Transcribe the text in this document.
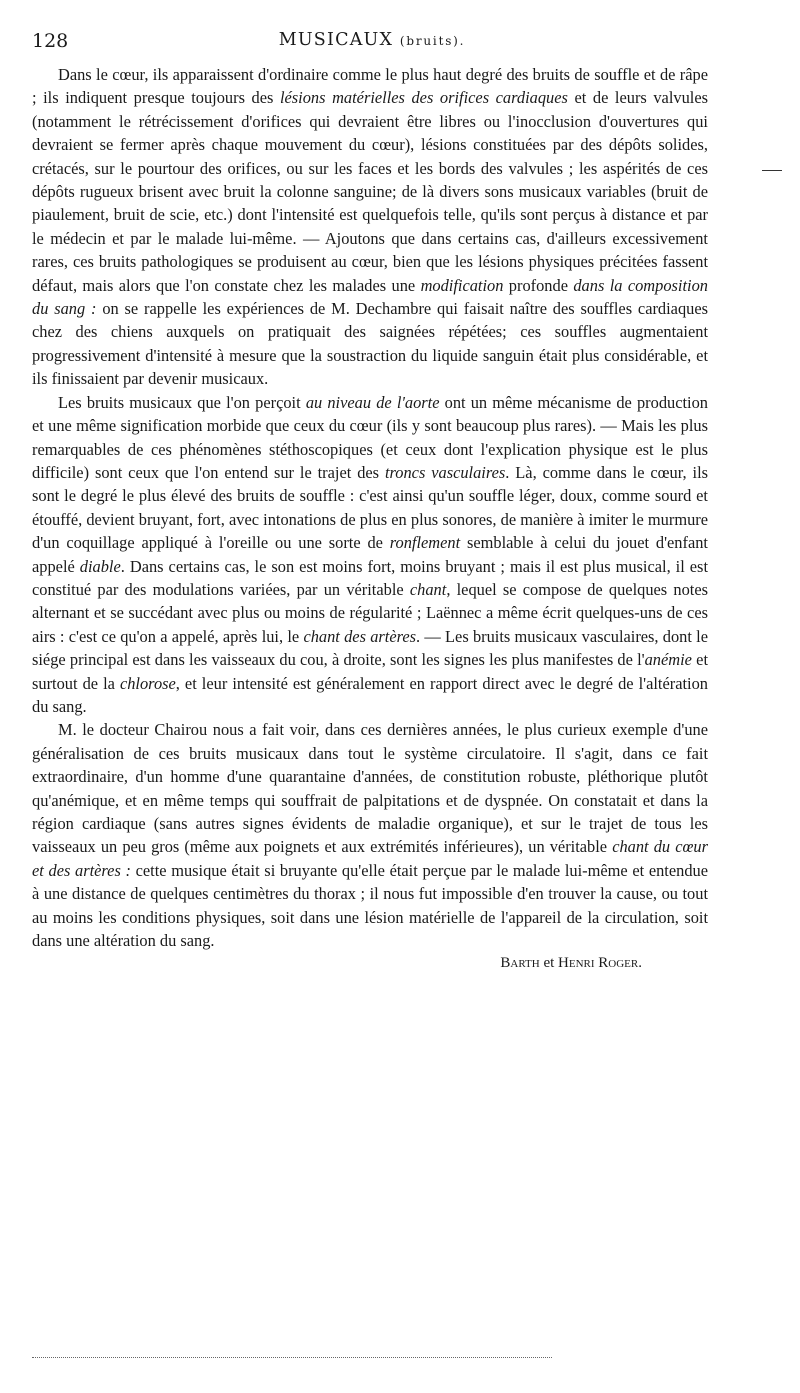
128	MUSICAUX (bruits).

Dans le cœur, ils apparaissent d'ordinaire comme le plus haut degré des bruits de souffle et de râpe ; ils indiquent presque toujours des lésions matérielles des orifices cardiaques et de leurs valvules (notamment le rétrécissement d'orifices qui devraient être libres ou l'inocclusion d'ouvertures qui devraient se fermer après chaque mouvement du cœur), lésions constituées par des dépôts solides, crétacés, sur le pourtour des orifices, ou sur les faces et les bords des valvules ; les aspérités de ces dépôts rugueux brisent avec bruit la colonne sanguine; de là divers sons musicaux variables (bruit de piaulement, bruit de scie, etc.) dont l'intensité est quelquefois telle, qu'ils sont perçus à distance et par le médecin et par le malade lui-même. — Ajoutons que dans certains cas, d'ailleurs excessivement rares, ces bruits pathologiques se produisent au cœur, bien que les lésions physiques précitées fassent défaut, mais alors que l'on constate chez les malades une modification profonde dans la composition du sang : on se rappelle les expériences de M. Dechambre qui faisait naître des souffles cardiaques chez des chiens auxquels on pratiquait des saignées répétées; ces souffles augmentaient progressivement d'intensité à mesure que la soustraction du liquide sanguin était plus considérable, et ils finissaient par devenir musicaux.

Les bruits musicaux que l'on perçoit au niveau de l'aorte ont un même mécanisme de production et une même signification morbide que ceux du cœur (ils y sont beaucoup plus rares). — Mais les plus remarquables de ces phénomènes stéthoscopiques (et ceux dont l'explication physique est le plus difficile) sont ceux que l'on entend sur le trajet des troncs vasculaires. Là, comme dans le cœur, ils sont le degré le plus élevé des bruits de souffle : c'est ainsi qu'un souffle léger, doux, comme sourd et étouffé, devient bruyant, fort, avec intonations de plus en plus sonores, de manière à imiter le murmure d'un coquillage appliqué à l'oreille ou une sorte de ronflement semblable à celui du jouet d'enfant appelé diable. Dans certains cas, le son est moins fort, moins bruyant ; mais il est plus musical, il est constitué par des modulations variées, par un véritable chant, lequel se compose de quelques notes alternant et se succédant avec plus ou moins de régularité ; Laënnec a même écrit quelques-uns de ces airs : c'est ce qu'on a appelé, après lui, le chant des artères. — Les bruits musicaux vasculaires, dont le siége principal est dans les vaisseaux du cou, à droite, sont les signes les plus manifestes de l'anémie et surtout de la chlorose, et leur intensité est généralement en rapport direct avec le degré de l'altération du sang.

M. le docteur Chairou nous a fait voir, dans ces dernières années, le plus curieux exemple d'une généralisation de ces bruits musicaux dans tout le système circulatoire. Il s'agit, dans ce fait extraordinaire, d'un homme d'une quarantaine d'années, de constitution robuste, pléthorique plutôt qu'anémique, et en même temps qui souffrait de palpitations et de dyspnée. On constatait et dans la région cardiaque (sans autres signes évidents de maladie organique), et sur le trajet de tous les vaisseaux un peu gros (même aux poignets et aux extrémités inférieures), un véritable chant du cœur et des artères : cette musique était si bruyante qu'elle était perçue par le malade lui-même et entendue à une distance de quelques centimètres du thorax ; il nous fut impossible d'en trouver la cause, ou tout au moins les conditions physiques, soit dans une lésion matérielle de l'appareil de la circulation, soit dans une altération du sang.

Barth et Henri Roger.
